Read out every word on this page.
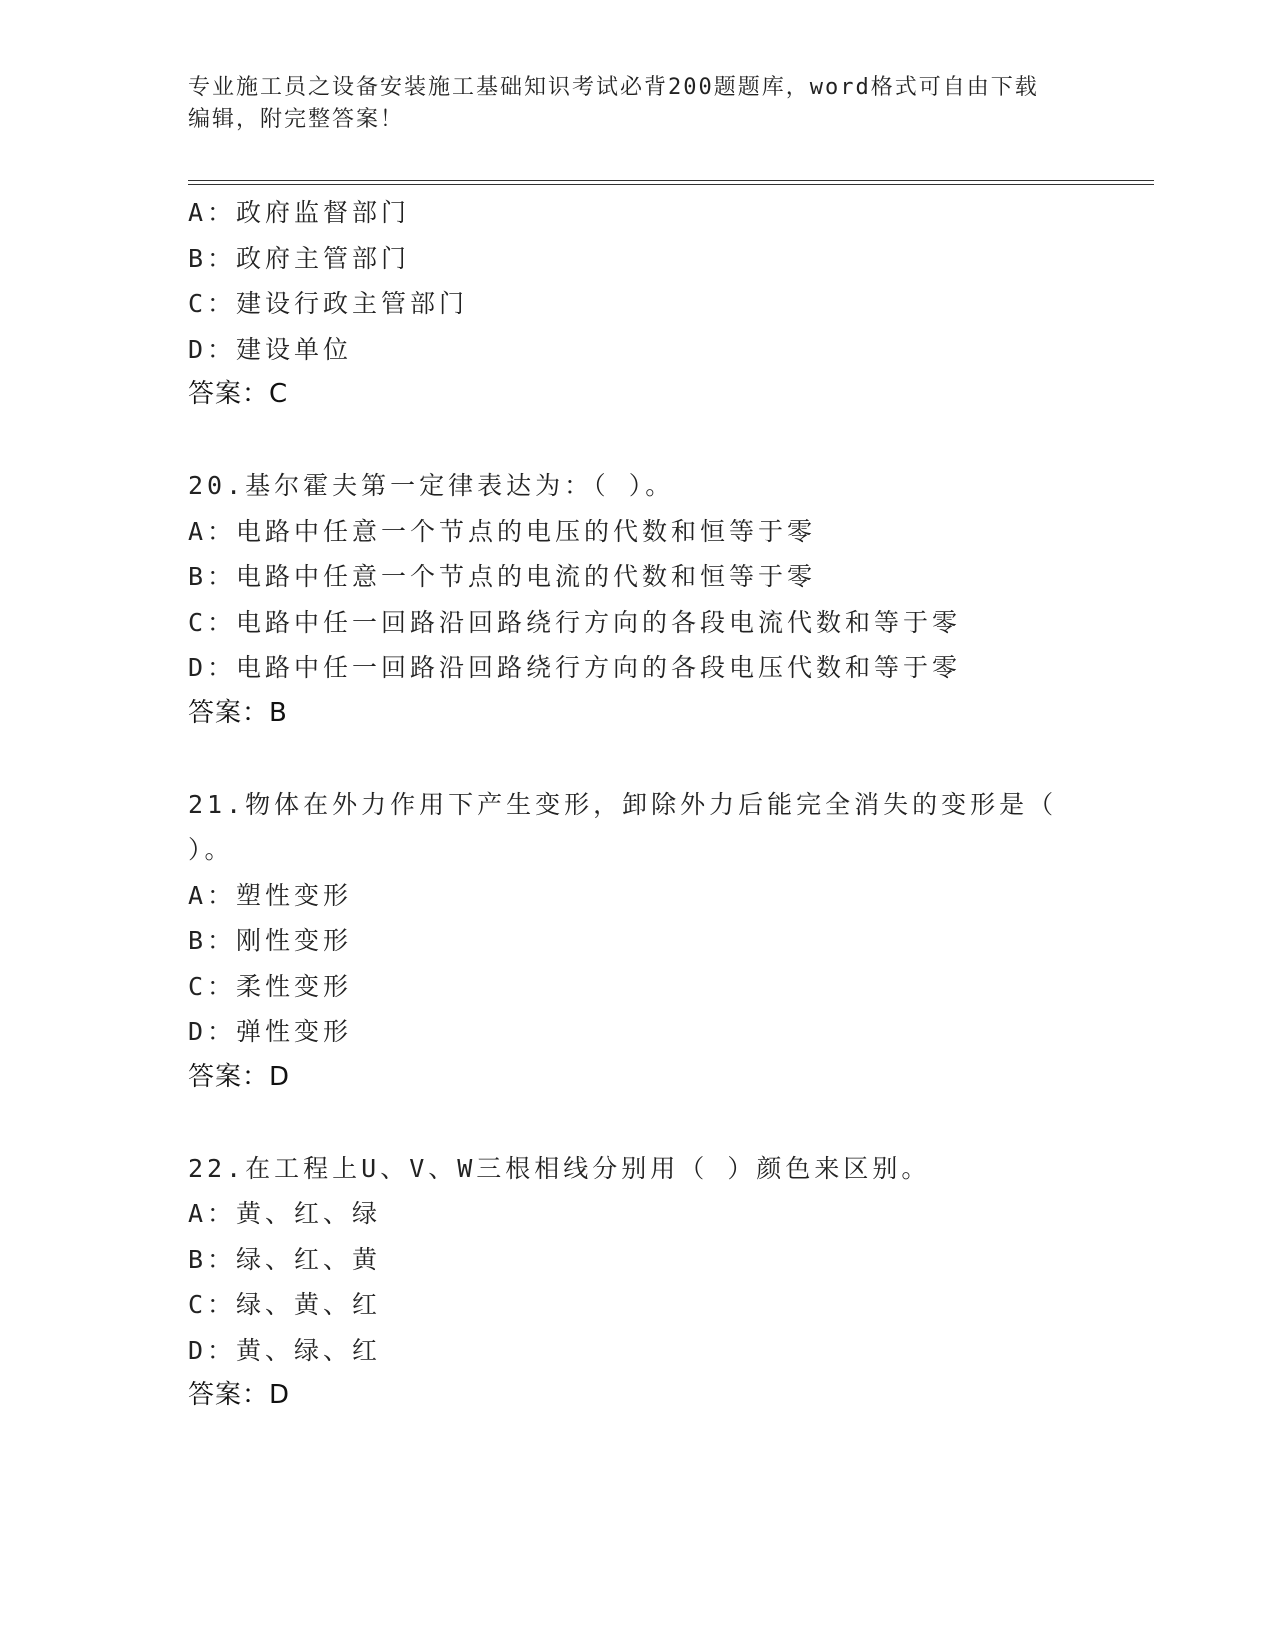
专业施工员之设备安装施工基础知识考试必背200题题库，word格式可自由下载
编辑，附完整答案！
A：政府监督部门
B：政府主管部门
C：建设行政主管部门
D：建设单位
答案：C
20.基尔霍夫第一定律表达为：（ ）。
A：电路中任意一个节点的电压的代数和恒等于零
B：电路中任意一个节点的电流的代数和恒等于零
C：电路中任一回路沿回路绕行方向的各段电流代数和等于零
D：电路中任一回路沿回路绕行方向的各段电压代数和等于零
答案：B
21.物体在外力作用下产生变形，卸除外力后能完全消失的变形是（
）。
A：塑性变形
B：刚性变形
C：柔性变形
D：弹性变形
答案：D
22.在工程上U、V、W三根相线分别用（ ）颜色来区别。
A：黄、红、绿
B：绿、红、黄
C：绿、黄、红
D：黄、绿、红
答案：D
